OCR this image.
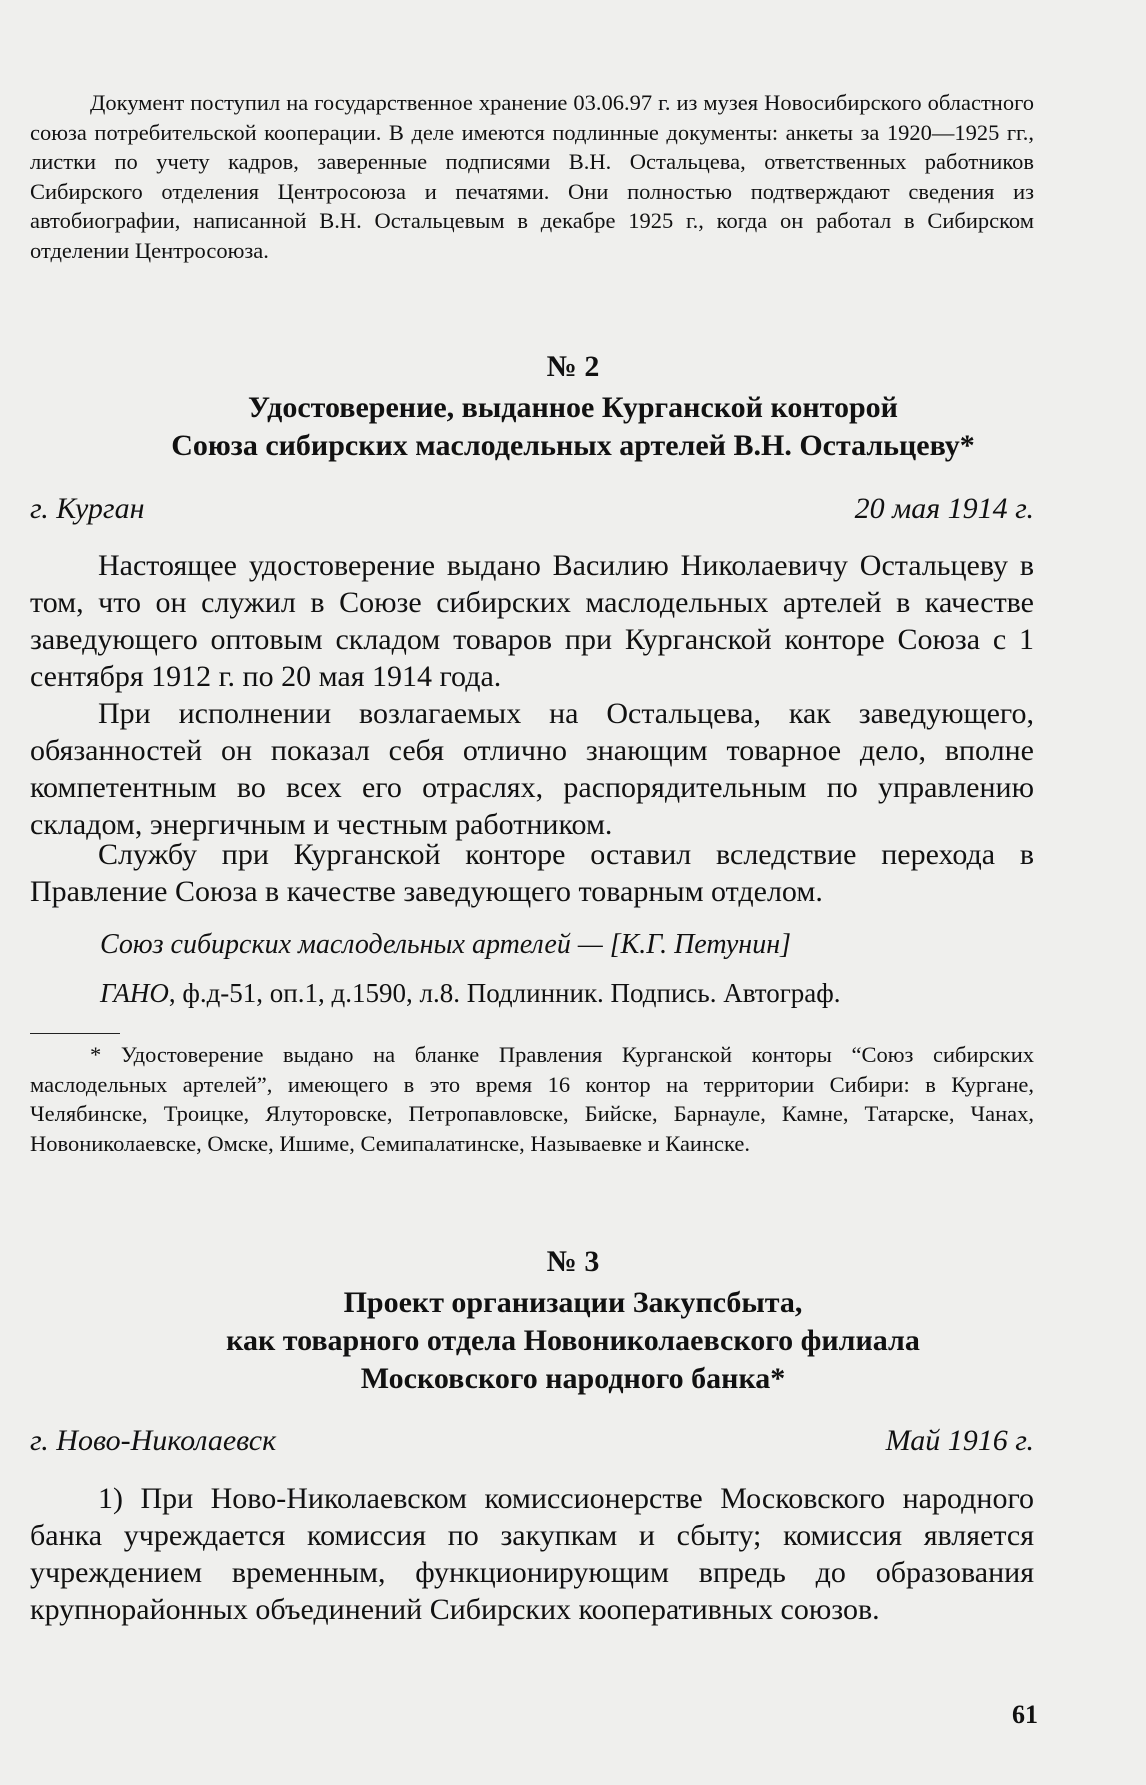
Документ поступил на государственное хранение 03.06.97 г. из музея Новосибирского областного союза потребительской кооперации. В деле имеются подлинные документы: анкеты за 1920—1925 гг., листки по учету кадров, заверенные подписями В.Н. Остальцева, ответственных работников Сибирского отделения Центросоюза и печатями. Они полностью подтверждают сведения из автобиографии, написанной В.Н. Остальцевым в декабре 1925 г., когда он работал в Сибирском отделении Центросоюза.

№ 2

Удостоверение, выданное Курганской конторой
Союза сибирских маслодельных артелей В.Н. Остальцеву*
г. Курган	20 мая 1914 г.

Настоящее удостоверение выдано Василию Николаевичу Остальцеву в том, что он служил в Союзе сибирских маслодельных артелей в качестве заведующего оптовым складом товаров при Курганской конторе Союза с 1 сентября 1912 г. по 20 мая 1914 года.

При исполнении возлагаемых на Остальцева, как заведующего, обязанностей он показал себя отлично знающим товарное дело, вполне компетентным во всех его отраслях, распорядительным по управлению складом, энергичным и честным работником.

Службу при Курганской конторе оставил вследствие перехода в Правление Союза в качестве заведующего товарным отделом.

Союз сибирских маслодельных артелей — [К.Г. Петунин]

ГАНО, ф.д-51, оп.1, д.1590, л.8. Подлинник. Подпись. Автограф.

* Удостоверение выдано на бланке Правления Курганской конторы “Союз сибирских маслодельных артелей”, имеющего в это время 16 контор на территории Сибири: в Кургане, Челябинске, Троицке, Ялуторовске, Петропавловске, Бийске, Барнауле, Камне, Татарске, Чанах, Новониколаевске, Омске, Ишиме, Семипалатинске, Называевке и Каинске.

№ 3

Проект организации Закупсбыта,
как товарного отдела Новониколаевского филиала
Московского народного банка*
г. Ново-Николаевск	Май 1916 г.

1) При Ново-Николаевском комиссионерстве Московского народного банка учреждается комиссия по закупкам и сбыту; комиссия является учреждением временным, функционирующим впредь до образования крупнорайонных объединений Сибирских кооперативных союзов.

61
